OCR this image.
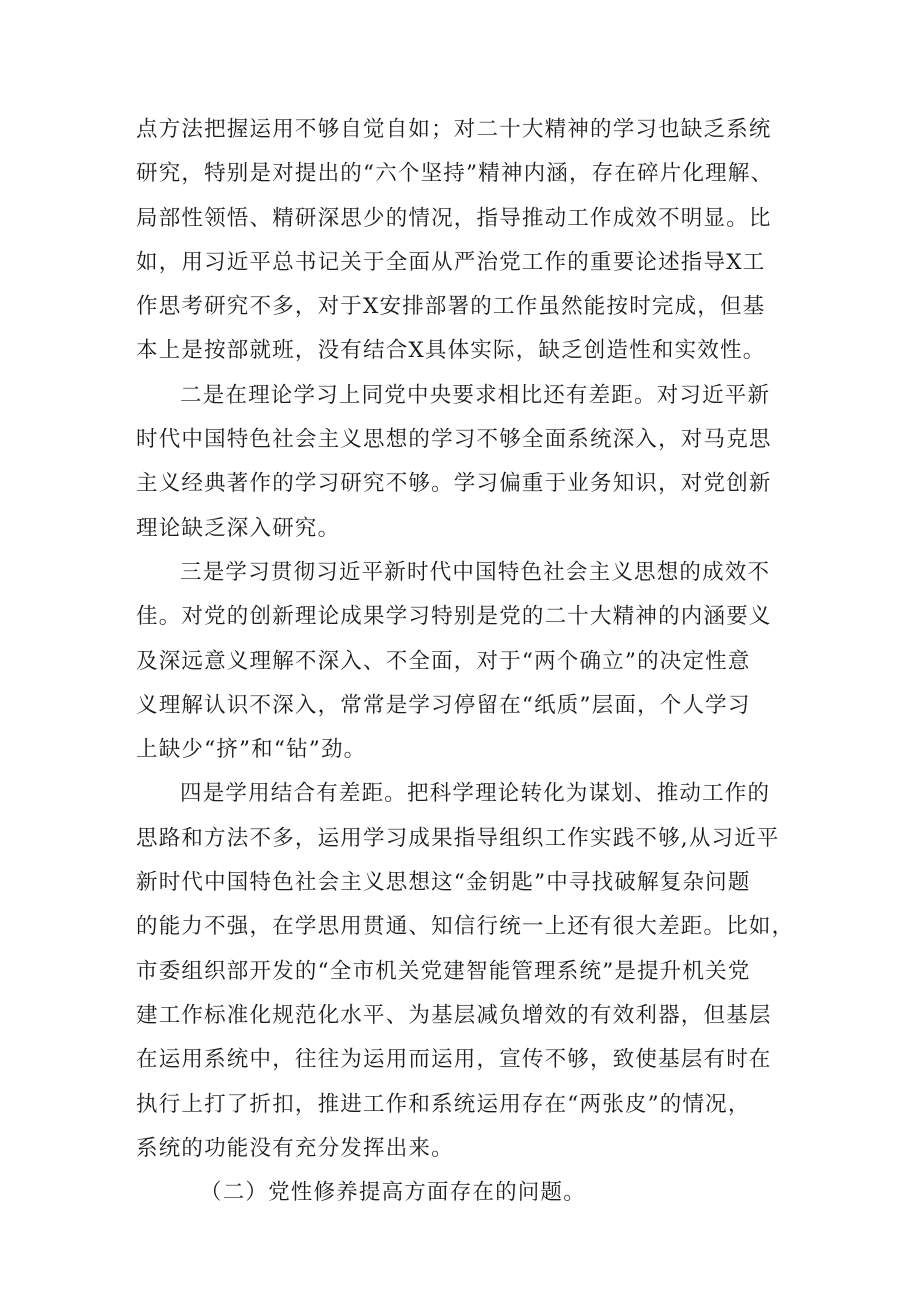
点方法把握运用不够自觉自如；对二十大精神的学习也缺乏系统
研究，特别是对提出的“六个坚持”精神内涵，存在碎片化理解、
局部性领悟、精研深思少的情况，指导推动工作成效不明显。比
如，用习近平总书记关于全面从严治党工作的重要论述指导X工
作思考研究不多，对于X安排部署的工作虽然能按时完成，但基
本上是按部就班，没有结合X具体实际，缺乏创造性和实效性。
二是在理论学习上同党中央要求相比还有差距。对习近平新
时代中国特色社会主义思想的学习不够全面系统深入，对马克思
主义经典著作的学习研究不够。学习偏重于业务知识，对党创新
理论缺乏深入研究。
三是学习贯彻习近平新时代中国特色社会主义思想的成效不
佳。对党的创新理论成果学习特别是党的二十大精神的内涵要义
及深远意义理解不深入、不全面，对于“两个确立”的决定性意
义理解认识不深入，常常是学习停留在“纸质”层面，个人学习
上缺少“挤”和“钻”劲。
四是学用结合有差距。把科学理论转化为谋划、推动工作的
思路和方法不多，运用学习成果指导组织工作实践不够,从习近平
新时代中国特色社会主义思想这“金钥匙”中寻找破解复杂问题
的能力不强，在学思用贯通、知信行统一上还有很大差距。比如，
市委组织部开发的“全市机关党建智能管理系统”是提升机关党
建工作标准化规范化水平、为基层减负增效的有效利器，但基层
在运用系统中，往往为运用而运用，宣传不够，致使基层有时在
执行上打了折扣，推进工作和系统运用存在“两张皮”的情况，
系统的功能没有充分发挥出来。
（二）党性修养提高方面存在的问题。
